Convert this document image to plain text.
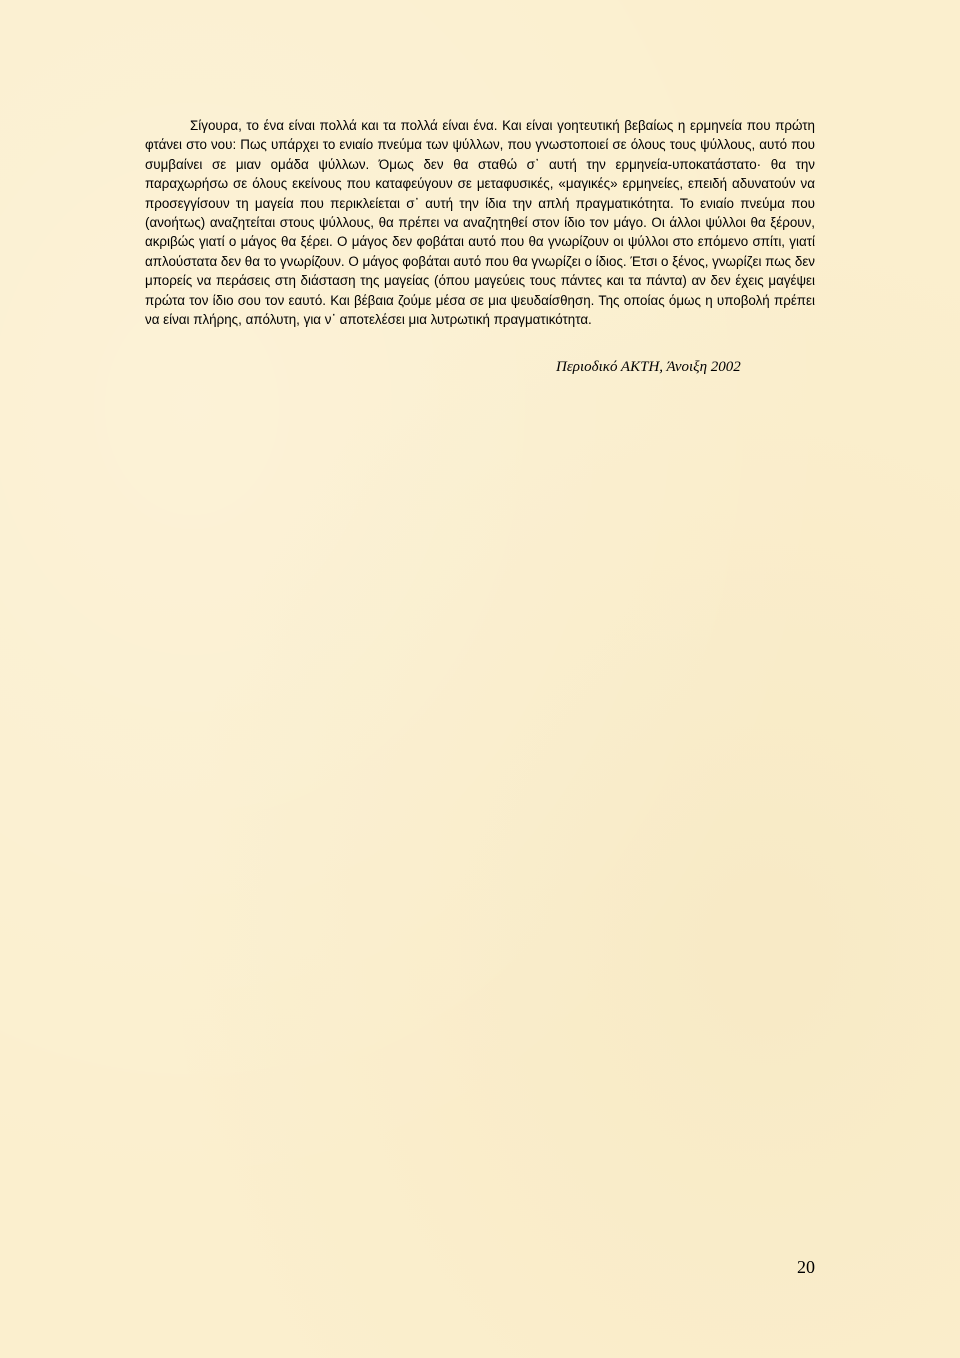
Σίγουρα, το ένα είναι πολλά και τα πολλά είναι ένα. Και είναι γοητευτική βεβαίως η ερμηνεία που πρώτη φτάνει στο νου: Πως υπάρχει το ενιαίο πνεύμα των ψύλλων, που γνωστοποιεί σε όλους τους ψύλλους, αυτό που συμβαίνει σε μιαν ομάδα ψύλλων. Όμως δεν θα σταθώ σ᾽ αυτή την ερμηνεία-υποκατάστατο· θα την παραχωρήσω σε όλους εκείνους που καταφεύγουν σε μεταφυσικές, «μαγικές» ερμηνείες, επειδή αδυνατούν να προσεγγίσουν τη μαγεία που περικλείεται σ᾽ αυτή την ίδια την απλή πραγματικότητα. Το ενιαίο πνεύμα που (ανοήτως) αναζητείται στους ψύλλους, θα πρέπει να αναζητηθεί στον ίδιο τον μάγο. Οι άλλοι ψύλλοι θα ξέρουν, ακριβώς γιατί ο μάγος θα ξέρει. Ο μάγος δεν φοβάται αυτό που θα γνωρίζουν οι ψύλλοι στο επόμενο σπίτι, γιατί απλούστατα δεν θα το γνωρίζουν. Ο μάγος φοβάται αυτό που θα γνωρίζει ο ίδιος. Έτσι ο ξένος, γνωρίζει πως δεν μπορείς να περάσεις στη διάσταση της μαγείας (όπου μαγεύεις τους πάντες και τα πάντα) αν δεν έχεις μαγέψει πρώτα τον ίδιο σου τον εαυτό. Και βέβαια ζούμε μέσα σε μια ψευδαίσθηση. Της οποίας όμως η υποβολή πρέπει να είναι πλήρης, απόλυτη, για ν᾽ αποτελέσει μια λυτρωτική πραγματικότητα.

Περιοδικό ΑΚΤΗ, Άνοιξη 2002
20
